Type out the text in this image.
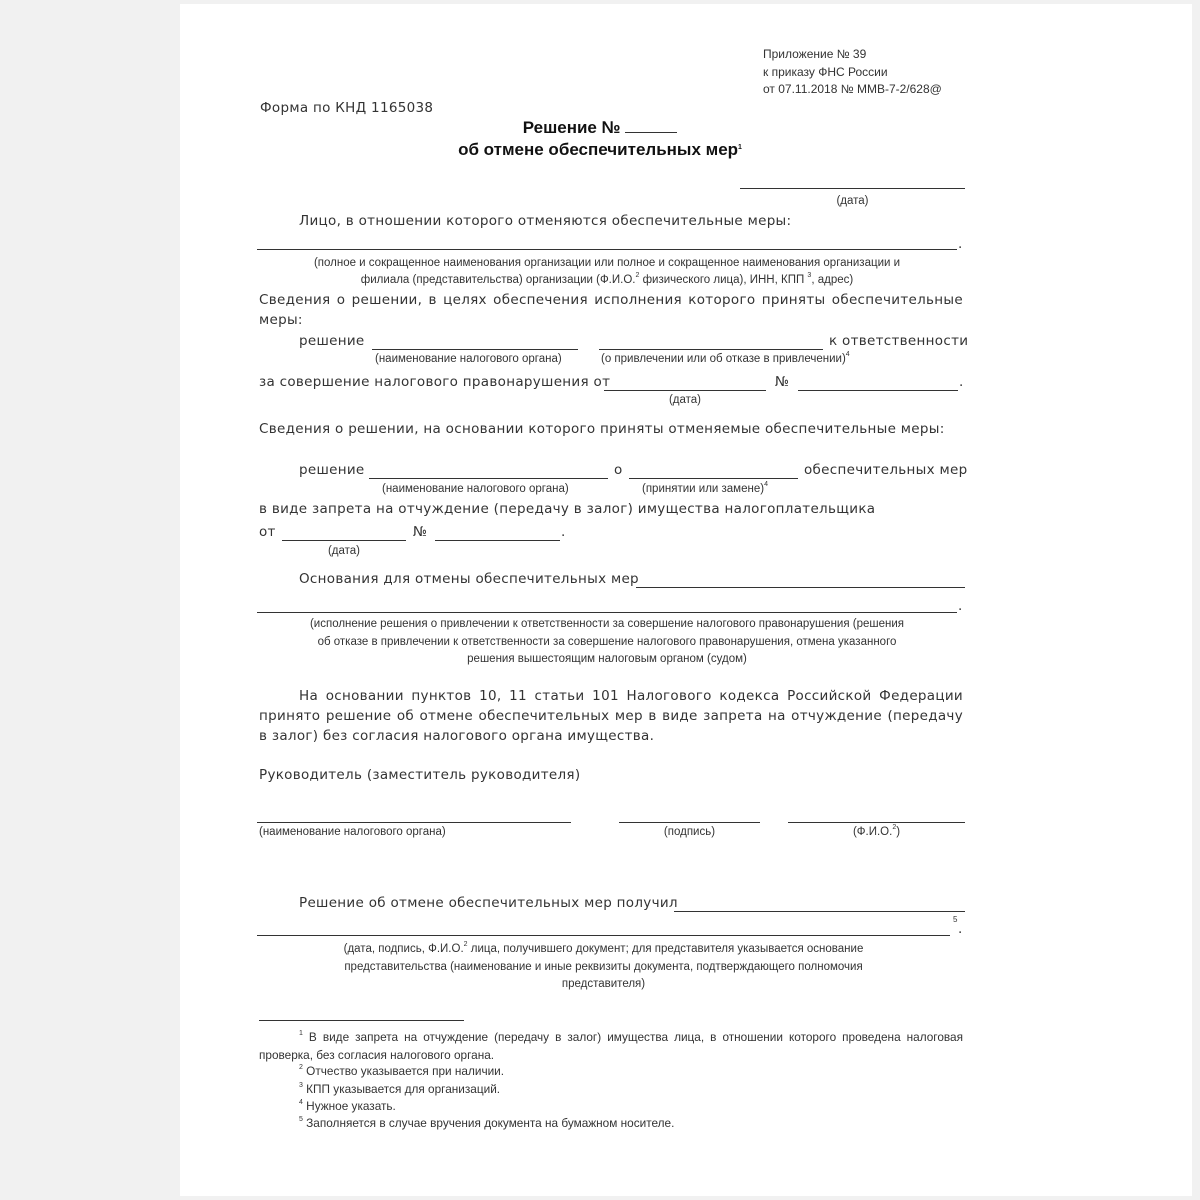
Приложение № 39
к приказу ФНС России
от 07.11.2018 № ММВ-7-2/628@
Форма по КНД 1165038
Решение №
об отмене обеспечительных мер$^1$
(дата)
Лицо, в отношении которого отменяются обеспечительные меры:
.
(полное и сокращенное наименования организации или полное и сокращенное наименования организации и
филиала (представительства) организации (Ф.И.О.$^2$ физического лица), ИНН, КПП $^3$, адрес)
Сведения о решении, в целях обеспечения исполнения которого приняты обеспечительные меры:
решение	к ответственности
(наименование налогового органа)	(о привлечении или об отказе в привлечении)$^4$
за совершение налогового правонарушения от	№	.
(дата)
Сведения о решении, на основании которого приняты отменяемые обеспечительные меры:
решение	о	обеспечительных мер
(наименование налогового органа)	(принятии или замене)$^4$
в виде запрета на отчуждение (передачу в залог) имущества налогоплательщика
от	№	.
(дата)
Основания для отмены обеспечительных мер
.
(исполнение решения о привлечении к ответственности за совершение налогового правонарушения (решения
об отказе в привлечении к ответственности за совершение налогового правонарушения, отмена указанного
решения вышестоящим налоговым органом (судом)
На основании пунктов 10, 11 статьи 101 Налогового кодекса Российской Федерации принято решение об отмене обеспечительных мер в виде запрета на отчуждение (передачу в залог) без согласия налогового органа имущества.
Руководитель (заместитель руководителя)
(наименование налогового органа)	(подпись)	(Ф.И.О.$^2$)
Решение об отмене обеспечительных мер получил
5
.
(дата, подпись, Ф.И.О.$^2$ лица, получившего документ; для представителя указывается основание
представительства (наименование и иные реквизиты документа, подтверждающего полномочия
представителя)
$^1$ В виде запрета на отчуждение (передачу в залог) имущества лица, в отношении которого проведена налоговая проверка, без согласия налогового органа.
$^2$ Отчество указывается при наличии.
$^3$ КПП указывается для организаций.
$^4$ Нужное указать.
$^5$ Заполняется в случае вручения документа на бумажном носителе.
